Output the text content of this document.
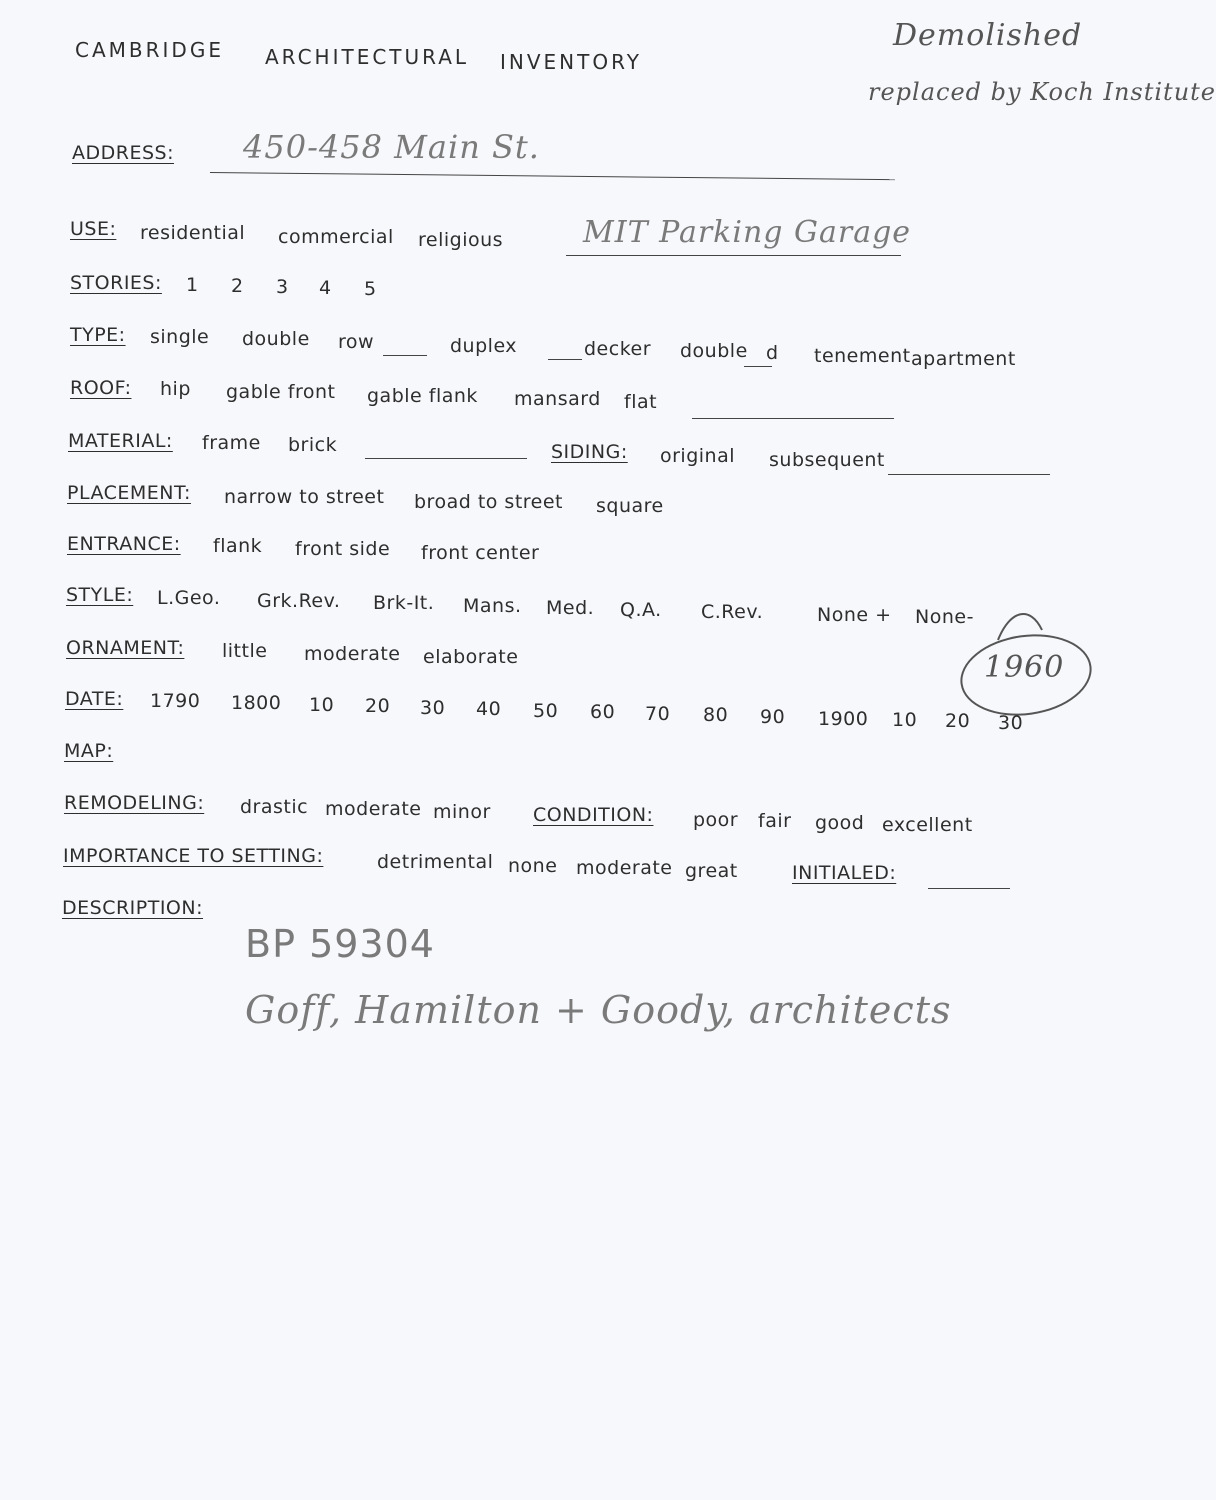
CAMBRIDGE ARCHITECTURAL INVENTORY
Demolished
replaced by Koch Institute
ADDRESS: 450-458 Main St.
USE: residential commercial religious	MIT Parking Garage
STORIES: 1 2 3 4 5
TYPE: single double row	duplex	decker double d tenement apartment
ROOF: hip gable front gable flank mansard flat
MATERIAL: frame brick	SIDING: original subsequent
PLACEMENT: narrow to street broad to street square
ENTRANCE: flank front side front center
STYLE: L.Geo. Grk.Rev. Brk-It. Mans. Med. Q.A. C.Rev.	None + None-
ORNAMENT: little moderate elaborate	1960
DATE: 1790 1800 10 20 30 40 50 60 70 80 90 1900 10 20 30
MAP:
REMODELING: drastic moderate minor CONDITION: poor fair good excellent
IMPORTANCE TO SETTING:	detrimental none moderate great	INITIALED:
DESCRIPTION:
BP 59304
Goff, Hamilton + Goody, architects
